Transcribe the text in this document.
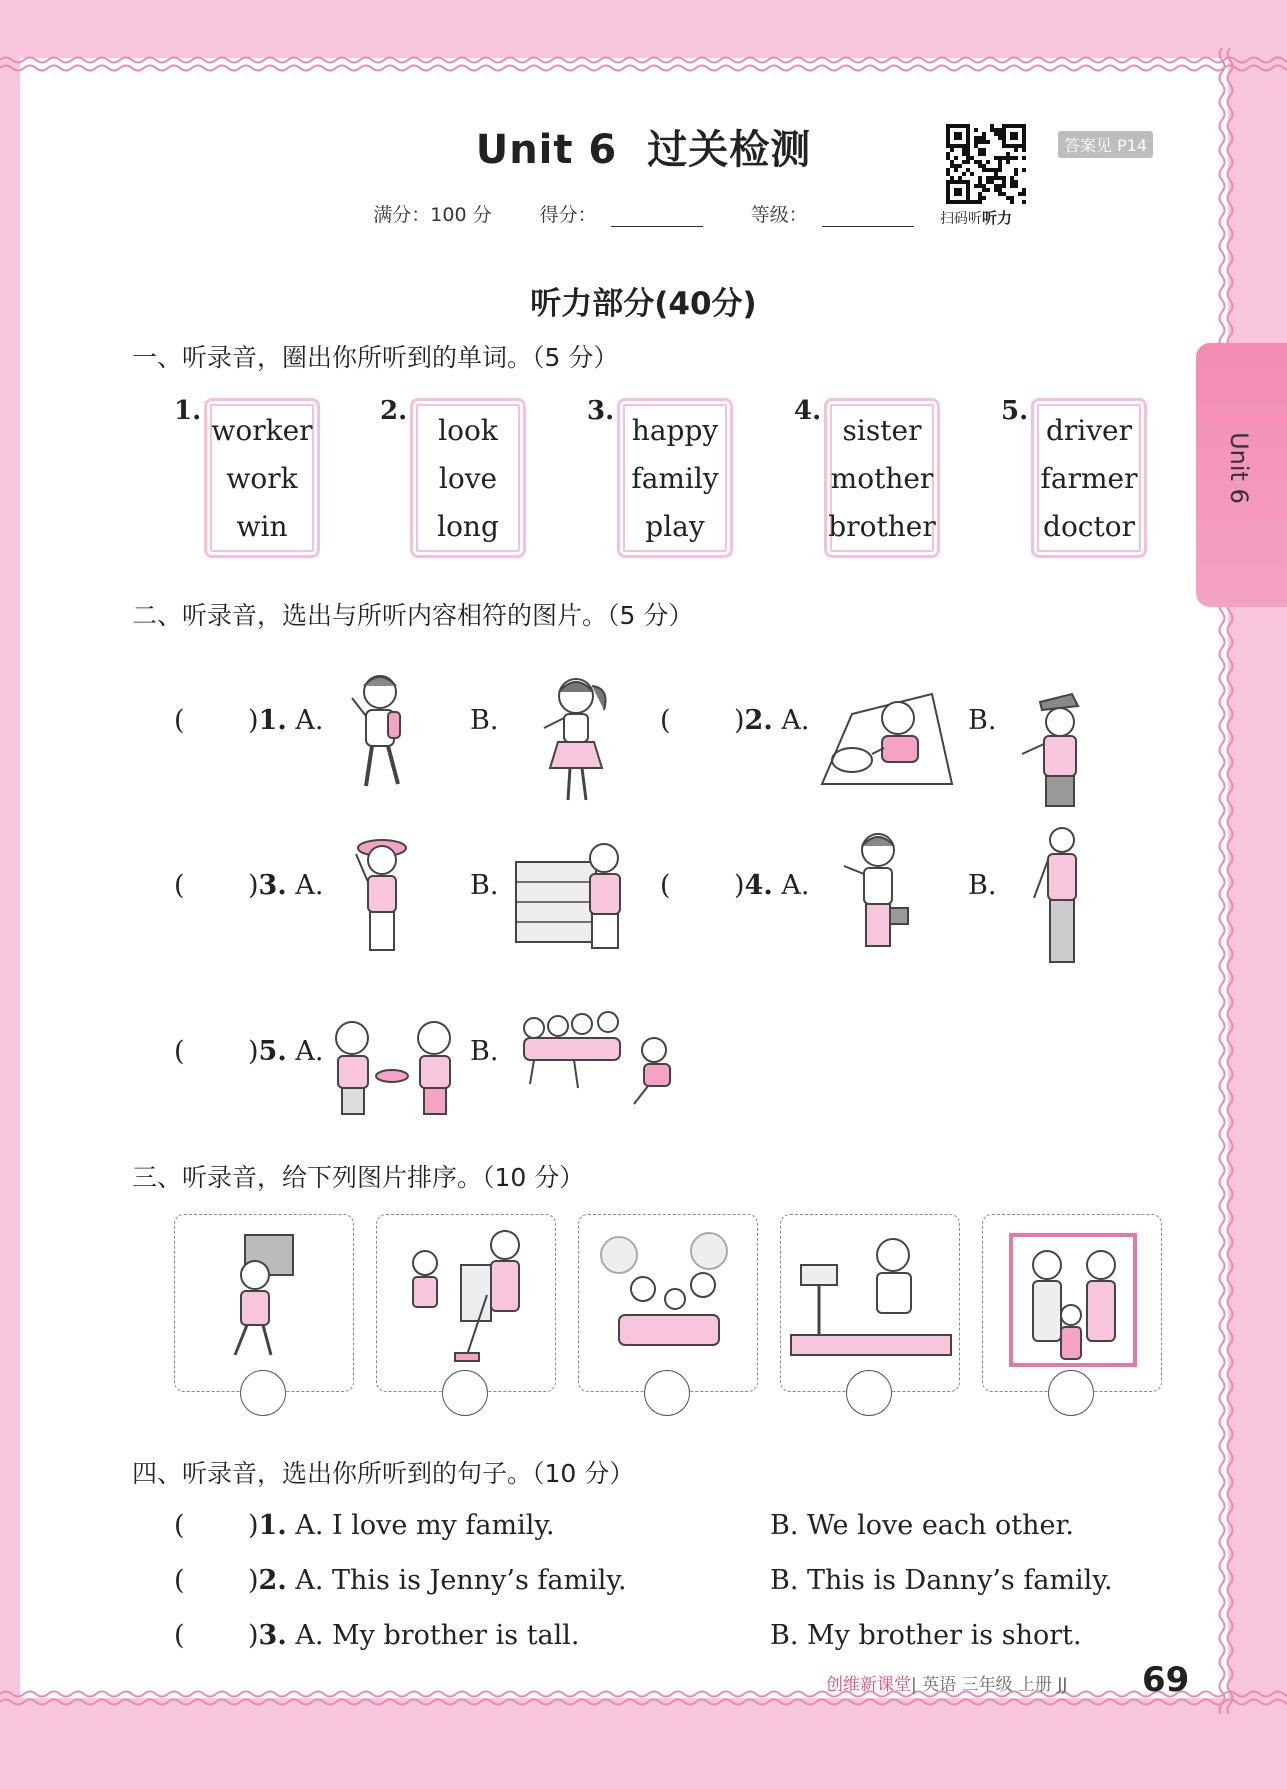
Unit 6 过关检测
满分：100 分	得分：	等级：	扫码听听力
答案见 P14
Unit 6
听力部分(40分)
一、听录音，圈出你所听到的单词。（5 分）
1.
worker
work
win
2.
look
love
long
3.
happy
family
play
4.
sister
mother
brother
5.
driver
farmer
doctor
二、听录音，选出与所听内容相符的图片。（5 分）
( )1. A.	B.	( )2. A.	B.
( )3. A.	B.	( )4. A.	B.
( )5. A.	B.
三、听录音，给下列图片排序。（10 分）
四、听录音，选出你所听到的句子。（10 分）
( )1. A. I love my family.	B. We love each other.
( )2. A. This is Jenny’s family.	B. This is Danny’s family.
( )3. A. My brother is tall.	B. My brother is short.
创维新课堂| 英语 三年级 上册 JJ 69
